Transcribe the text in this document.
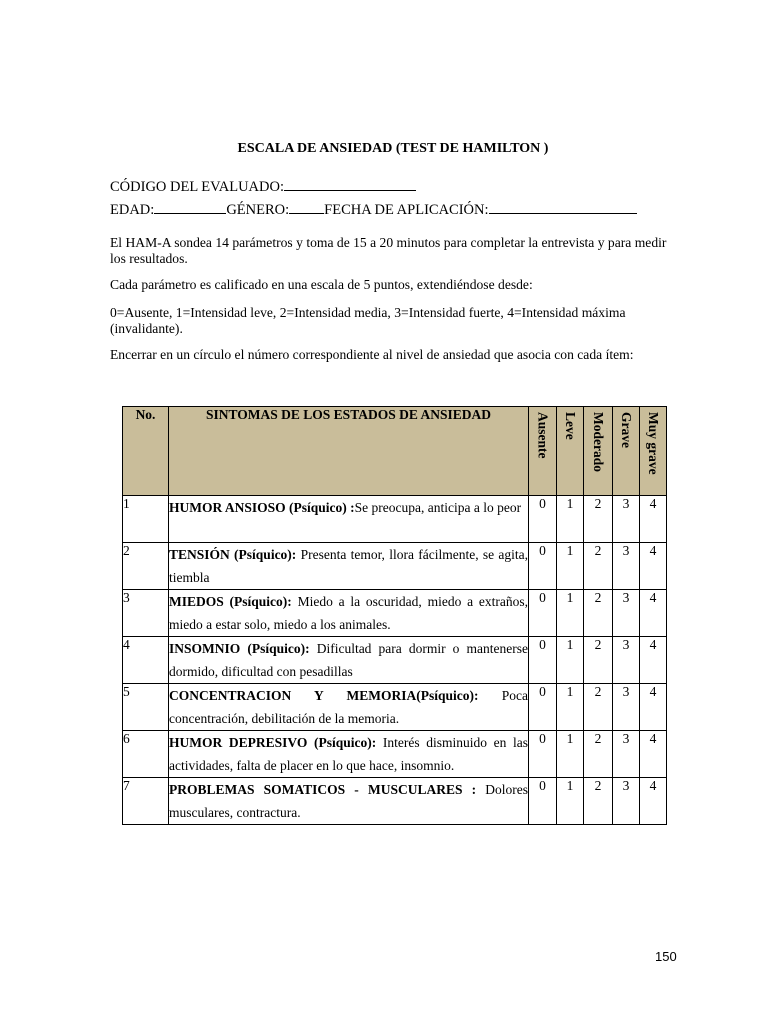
ESCALA DE ANSIEDAD (TEST DE HAMILTON )
CÓDIGO DEL EVALUADO:
EDAD:	GÉNERO: FECHA DE APLICACIÓN:
El HAM-A sondea 14 parámetros y toma de 15 a 20 minutos para completar la entrevista y para medir los resultados.
Cada parámetro es calificado en una escala de 5 puntos, extendiéndose desde:
0=Ausente, 1=Intensidad leve, 2=Intensidad media, 3=Intensidad fuerte, 4=Intensidad máxima (invalidante).
Encerrar en un círculo el número correspondiente al nivel de ansiedad que asocia con cada ítem:
No.	SINTOMAS DE LOS ESTADOS DE ANSIEDAD	Ausente	Leve	Moderado	Grave	Muy grave

1	HUMOR ANSIOSO (Psíquico) :Se preocupa, anticipa a lo peor	0	1	2	3	4
2	TENSIÓN (Psíquico): Presenta temor, llora fácilmente, se agita, tiembla	0	1	2	3	4
3	MIEDOS (Psíquico): Miedo a la oscuridad, miedo a extraños, miedo a estar solo, miedo a los animales.	0	1	2	3	4
4	INSOMNIO (Psíquico): Dificultad para dormir o mantenerse dormido, dificultad con pesadillas	0	1	2	3	4
5	CONCENTRACION Y MEMORIA(Psíquico): Poca concentración, debilitación de la memoria.	0	1	2	3	4
6	HUMOR DEPRESIVO (Psíquico): Interés disminuido en las actividades, falta de placer en lo que hace, insomnio.	0	1	2	3	4
7	PROBLEMAS SOMATICOS - MUSCULARES : Dolores musculares, contractura.	0	1	2	3	4
150
